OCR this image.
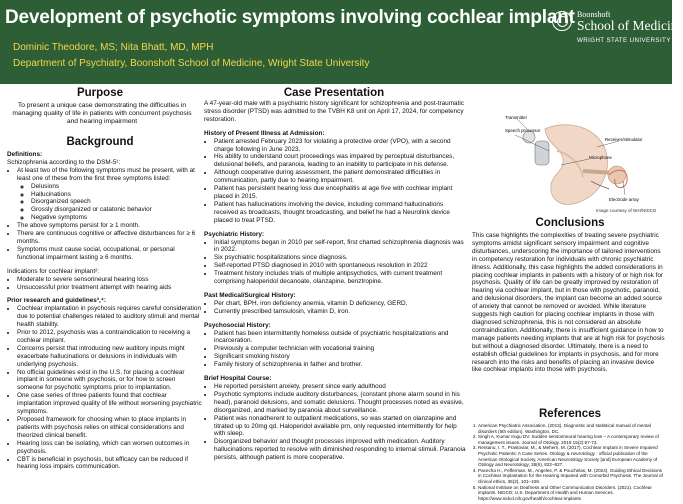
Development of psychotic symptoms involving cochlear implant
Dominic Theodore, MS; Nita Bhatt, MD, MPH
Department of Psychiatry, Boonshoft School of Medicine, Wright State University
Boonshoft
School of Medicine
WRIGHT STATE UNIVERSITY
Purpose
To present a unique case demonstrating the difficulties in managing quality of life in patients with concurrent psychosis and hearing impairment
Background

Definitions:

Schizophrenia according to the DSM-5¹:

• At least two of the following symptoms must be present, with at least one of these from the first three symptoms listed:
◦ Delusions
◦ Hallucinations
◦ Disorganized speech
◦ Grossly disorganized or catatonic behavior
◦ Negative symptoms
• The above symptoms persist for ≥ 1 month.
• There are continuous cognitive or affective disturbances for ≥ 6 months.
• Symptoms must cause social, occupational, or personal functional impairment lasting ≥ 6 months.

Indications for cochlear implant²:

• Moderate to severe sensorineural hearing loss
• Unsuccessful prior treatment attempt with hearing aids

Prior research and guidelines³,⁴:

• Cochlear implantation in psychosis requires careful consideration due to potential challenges related to auditory stimuli and mental health stability.
• Prior to 2012, psychosis was a contraindication to receiving a cochlear implant.
• Concerns persist that introducing new auditory inputs might exacerbate hallucinations or delusions in individuals with underlying psychosis.
• No official guidelines exist in the U.S. for placing a cochlear implant in someone with psychosis, or for how to screen someone for psychotic symptoms prior to implantation.
• One case series of three patients found that cochlear implantation improved quality of life without worsening psychiatric symptoms.
• Proposed framework for choosing when to place implants in patients with psychosis relies on ethical considerations and theorized clinical benefit.
• Hearing loss can be isolating, which can worsen outcomes in psychosis.
• CBT is beneficial in psychosis, but efficacy can be reduced if hearing loss impairs communication.
Case Presentation

A 47-year-old male with a psychiatric history significant for schizophrenia and post-traumatic stress disorder (PTSD) was admitted to the TVBH K8 unit on April 17, 2024, for competency restoration.

History of Present Illness at Admission:

• Patient arrested February 2023 for violating a protective order (VPO), with a second charge following in June 2023.
• His ability to understand court proceedings was impaired by perceptual disturbances, delusional beliefs, and paranoia, leading to an inability to participate in his defense.
• Although cooperative during assessment, the patient demonstrated difficulties in communication, partly due to hearing impairment.
• Patient has persistent hearing loss due encephalitis at age five with cochlear implant placed in 2015.
• Patient has hallucinations involving the device, including command hallucinations received as broadcasts, thought broadcasting, and belief he had a Neurolink device placed to treat PTSD.

Psychiatric History:

• Initial symptoms began in 2010 per self-report, first charted schizophrenia diagnosis was in 2022.
• Six psychiatric hospitalizations since diagnosis.
• Self-reported PTSD diagnosed in 2010 with spontaneous resolution in 2022
• Treatment history includes trials of multiple antipsychotics, with current treatment comprising haloperidol decanoate, olanzapine, benztropine.

Past Medical/Surgical History:

• Per chart, BPH, iron deficiency anemia, vitamin D deficiency, GERD.
• Currently prescribed tamsulosin, vitamin D, iron.

Psychosocial History:

• Patient has been intermittently homeless outside of psychiatric hospitalizations and incarceration.
• Previously a computer technician with vocational training
• Significant smoking history
• Family history of schizophrenia in father and brother.

Brief Hospital Course:

• He reported persistent anxiety, present since early adulthood
• Psychotic symptoms include auditory disturbances, (constant phone alarm sound in his head), paranoid delusions, and somatic delusions. Thought processes noted as evasive, disorganized, and marked by paranoia about surveillance.
• Patient was nonadherent to outpatient medications, so was started on olanzapine and titrated up to 20mg qd. Haloperidol available prn, only requested intermittently for help with sleep.
• Disorganized behavior and thought processes improved with medication. Auditory hallucinations reported to resolve with diminished responding to internal stimuli. Paranoia persists, although patient is more cooperative.
Transmitter
Speech processor
Receiver/stimulator
Microphone
Electrode array
Image courtesy of NIH/NIDCD
Conclusions
This case highlights the complexities of treating severe psychiatric symptoms amidst significant sensory impairment and cognitive disturbances, underscoring the importance of tailored interventions in competency restoration for individuals with chronic psychiatric illness. Additionally, this case highlights the added considerations in placing cochlear implants in patients with a history of or high risk for psychosis. Quality of life can be greatly improved by restoration of hearing via cochlear implant, but in those with psychotic, paranoid, and delusional disorders, the implant can become an added source of anxiety that cannot be removed or avoided. While literature suggests high caution for placing cochlear implants in those with diagnosed schizophrenia, this is not considered an absolute contraindication. Additionally, there is insufficient guidance in how to manage patients needing implants that are at high risk for psychosis but without a diagnosed disorder. Ultimately, there is a need to establish official guidelines for implants in psychosis, and for more research into the risks and benefits of placing an invasive device like cochlear implants into those with psychosis.
References
1. American Psychiatric Association. (2013). Diagnostic and statistical manual of mental disorders (5th edition). Washington, DC.
2. Singh A, Kumar Irugu DV. Sudden sensorineural hearing loss – A contemporary review of management issues. Journal of Otology. 2019 15(2):67-73.
3. Rentanu, I. T., Prastoviar, M., & Mehern, M. (2017). Cochlear Implant in Severe Impaired Psychotic Patients: A Case Series. Otology & neurotology : official publication of the American Otological Society, American Neurotology Society [and] European Academy of Otology and Neurotology, 38(6), 822–827.
4. Pacecha H., Fefferman, M., Angeles, P. & Pouchelas, M. (2024). Guiding Ethical Decisions in Cochlear Implantation for the Hearing Impaired with Comorbid Psychosis. The Journal of clinical ethics, 35(2), 101–108.
5. National Institute on Deafness and Other Communication Disorders. (2021). Cochlear implants. NIDCD; U.S. Department of Health and Human Services. https://www.nidcd.nih.gov/health/cochlear-implants
